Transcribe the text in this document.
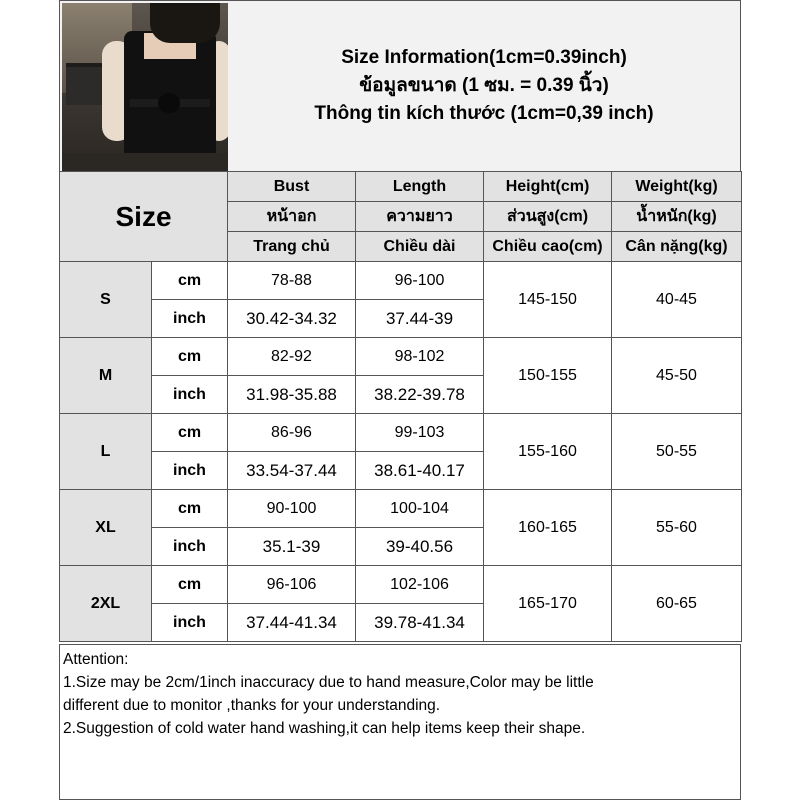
Size Information(1cm=0.39inch)
ข้อมูลขนาด (1 ซม. = 0.39 นิ้ว)
Thông tin kích thước (1cm=0,39 inch)
Size		Bust	Length	Height(cm)	Weight(kg)
		หน้าอก	ความยาว	ส่วนสูง(cm)	น้ำหนัก(kg)
		Trang chủ	Chiều dài	Chiều cao(cm)	Cân nặng(kg)
S	cm	78-88	96-100	145-150	40-45
	inch	30.42-34.32	37.44-39		
M	cm	82-92	98-102	150-155	45-50
	inch	31.98-35.88	38.22-39.78		
L	cm	86-96	99-103	155-160	50-55
	inch	33.54-37.44	38.61-40.17		
XL	cm	90-100	100-104	160-165	55-60
	inch	35.1-39	39-40.56		
2XL	cm	96-106	102-106	165-170	60-65
	inch	37.44-41.34	39.78-41.34		

Attention:

1.Size may be 2cm/1inch inaccuracy due to hand measure,Color may be little

different due to monitor ,thanks for your understanding.

2.Suggestion of cold water hand washing,it can help items keep their shape.
